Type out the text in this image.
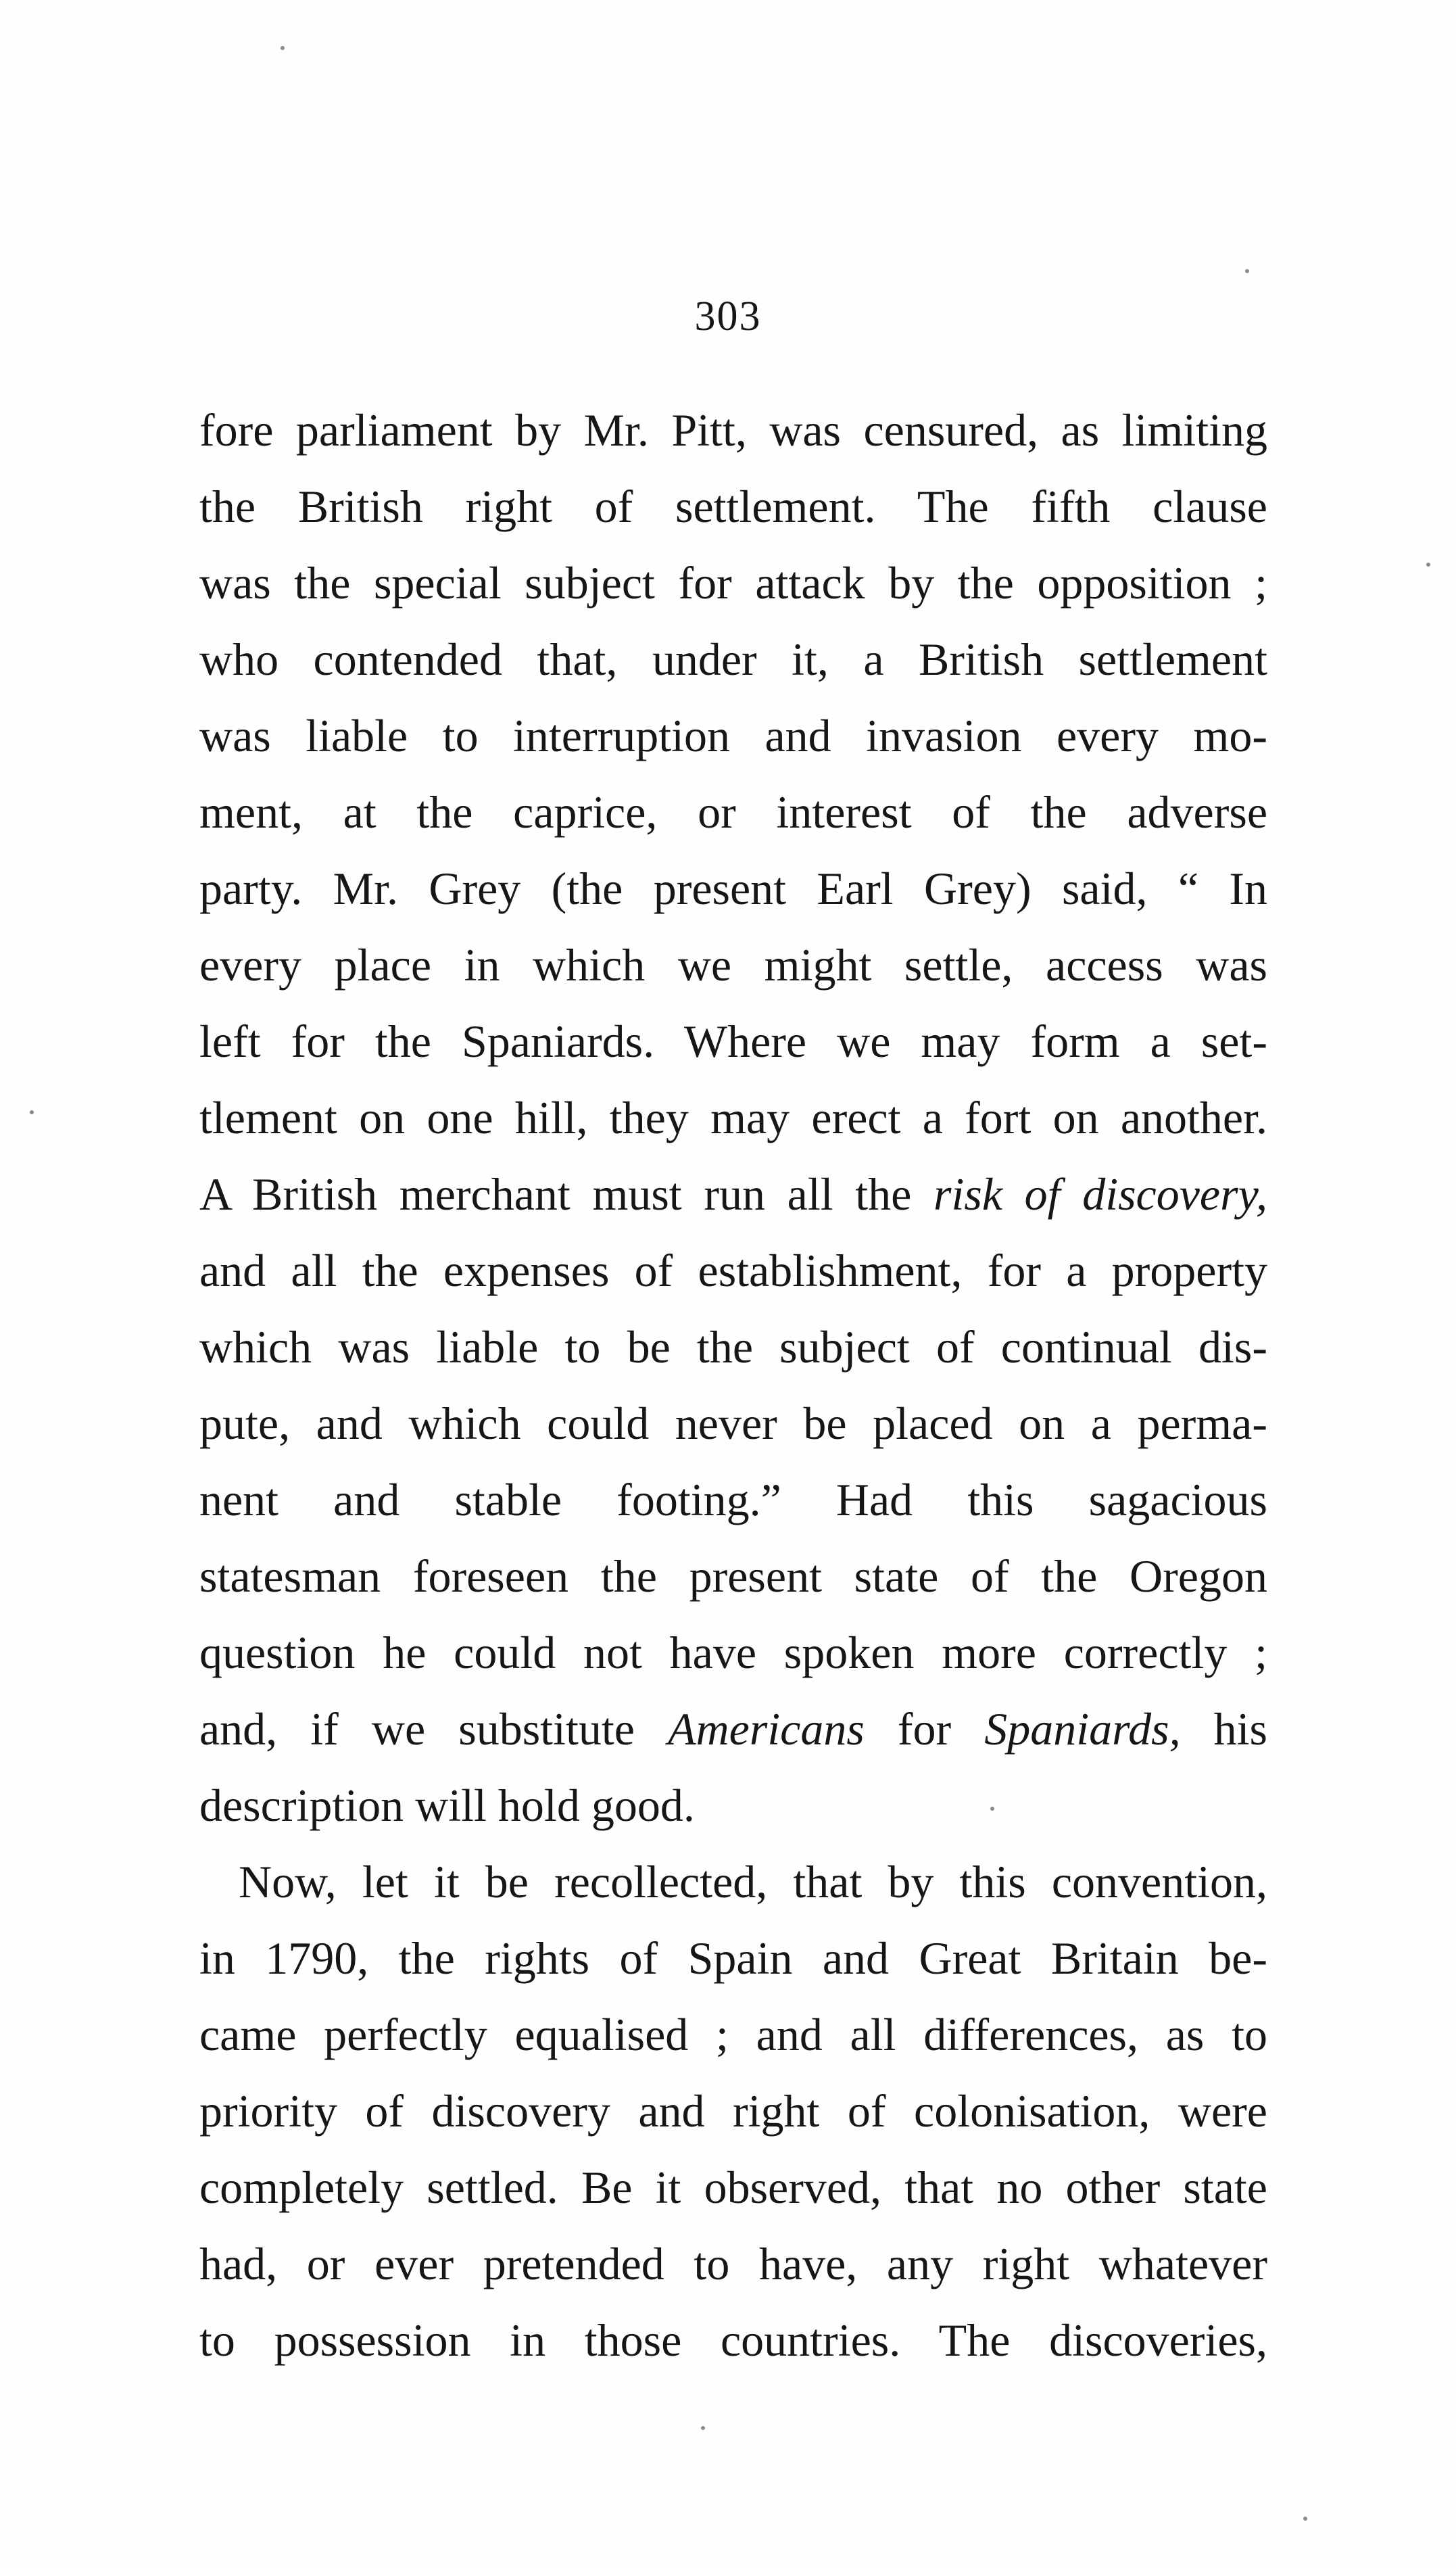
303
fore parliament by Mr. Pitt, was censured, as limiting
the British right of settlement. The fifth clause
was the special subject for attack by the opposition ;
who contended that, under it, a British settlement
was liable to interruption and invasion every mo-
ment, at the caprice, or interest of the adverse
party. Mr. Grey (the present Earl Grey) said, “ In
every place in which we might settle, access was
left for the Spaniards. Where we may form a set-
tlement on one hill, they may erect a fort on another.
A British merchant must run all the risk of discovery,
and all the expenses of establishment, for a property
which was liable to be the subject of continual dis-
pute, and which could never be placed on a perma-
nent and stable footing.” Had this sagacious
statesman foreseen the present state of the Oregon
question he could not have spoken more correctly ;
and, if we substitute Americans for Spaniards, his
description will hold good.
Now, let it be recollected, that by this convention,
in 1790, the rights of Spain and Great Britain be-
came perfectly equalised ; and all differences, as to
priority of discovery and right of colonisation, were
completely settled. Be it observed, that no other state
had, or ever pretended to have, any right whatever
to possession in those countries. The discoveries,
